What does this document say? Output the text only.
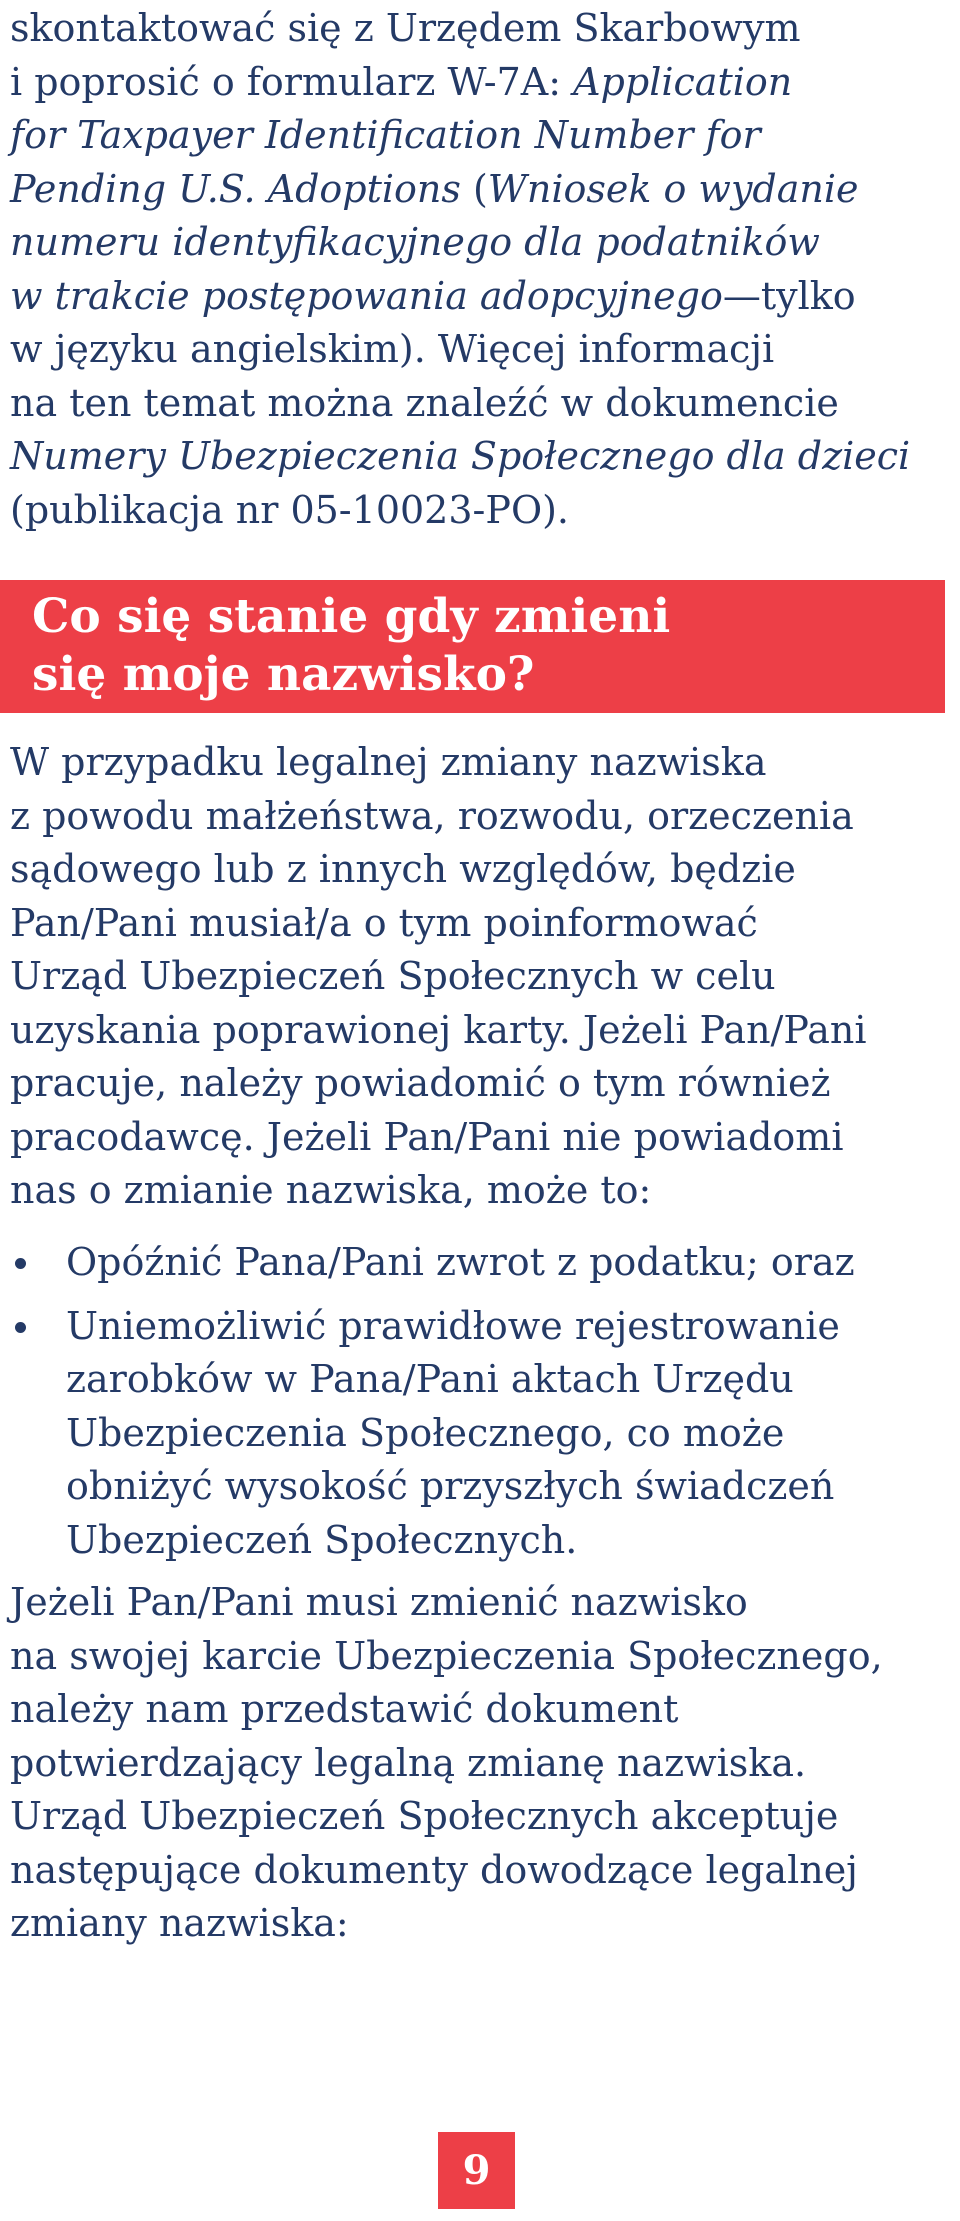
skontaktować się z Urzędem Skarbowym
i poprosić o formularz W-7A: Application
for Taxpayer Identification Number for
Pending U.S. Adoptions (Wniosek o wydanie
numeru identyfikacyjnego dla podatników
w trakcie postępowania adopcyjnego—tylko
w języku angielskim). Więcej informacji
na ten temat można znaleźć w dokumencie
Numery Ubezpieczenia Społecznego dla dzieci
(publikacja nr 05-10023-PO).

Co się stanie gdy zmieni
się moje nazwisko?

W przypadku legalnej zmiany nazwiska
z powodu małżeństwa, rozwodu, orzeczenia
sądowego lub z innych względów, będzie
Pan/Pani musiał/a o tym poinformować
Urząd Ubezpieczeń Społecznych w celu
uzyskania poprawionej karty. Jeżeli Pan/Pani
pracuje, należy powiadomić o tym również
pracodawcę. Jeżeli Pan/Pani nie powiadomi
nas o zmianie nazwiska, może to:

Opóźnić Pana/Pani zwrot z podatku; oraz
Uniemożliwić prawidłowe rejestrowanie
zarobków w Pana/Pani aktach Urzędu
Ubezpieczenia Społecznego, co może
obniżyć wysokość przyszłych świadczeń
Ubezpieczeń Społecznych.

Jeżeli Pan/Pani musi zmienić nazwisko
na swojej karcie Ubezpieczenia Społecznego,
należy nam przedstawić dokument
potwierdzający legalną zmianę nazwiska.
Urząd Ubezpieczeń Społecznych akceptuje
następujące dokumenty dowodzące legalnej
zmiany nazwiska:

9
